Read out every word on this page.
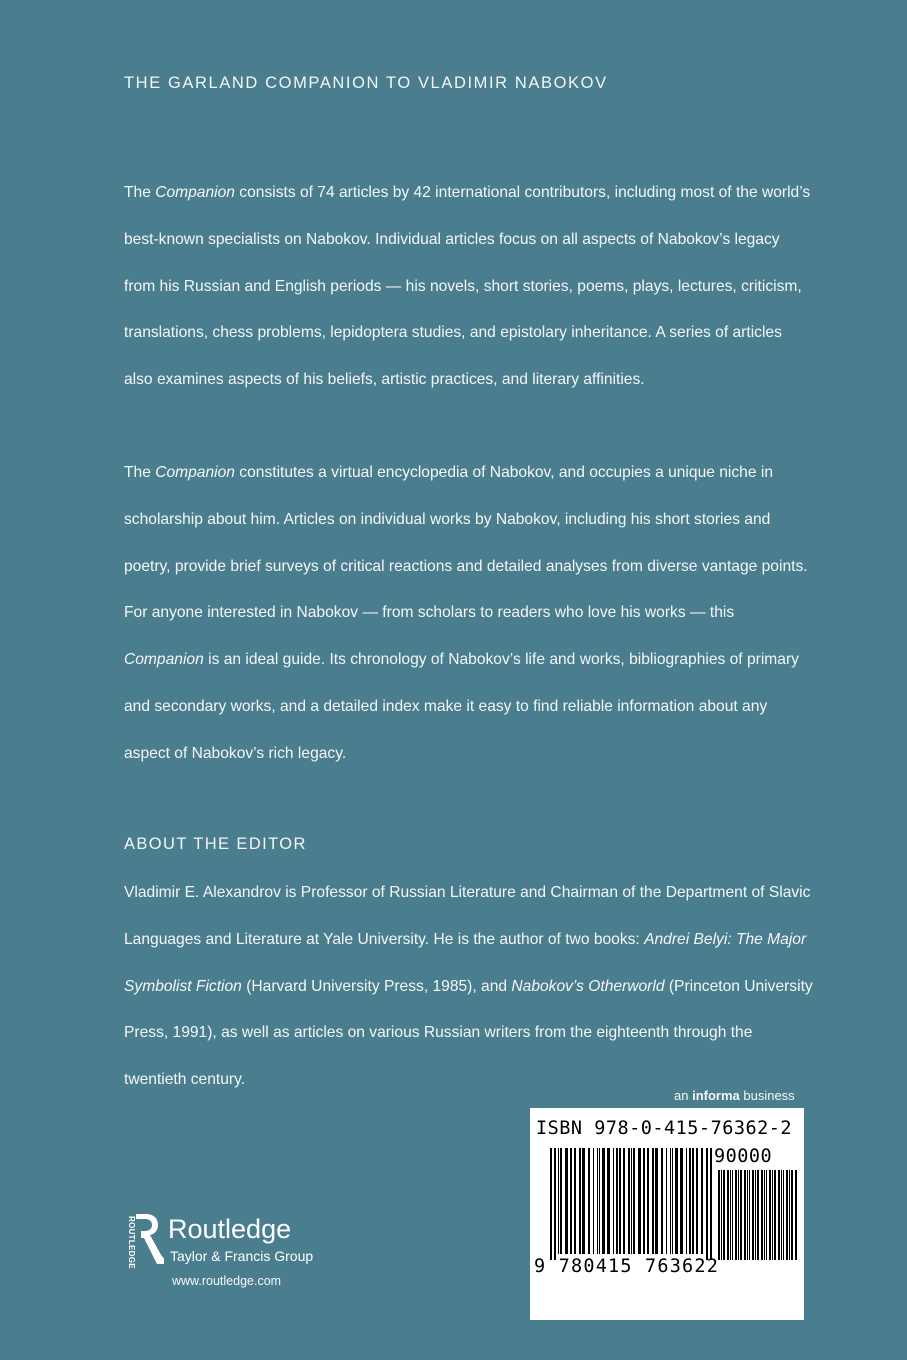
THE GARLAND COMPANION TO VLADIMIR NABOKOV

The Companion consists of 74 articles by 42 international contributors, including most of the world’s best-known specialists on Nabokov. Individual articles focus on all aspects of Nabokov’s legacy from his Russian and English periods — his novels, short stories, poems, plays, lectures, criticism, translations, chess problems, lepidoptera studies, and epistolary inheritance. A series of articles also examines aspects of his beliefs, artistic practices, and literary affinities.

The Companion constitutes a virtual encyclopedia of Nabokov, and occupies a unique niche in scholarship about him. Articles on individual works by Nabokov, including his short stories and poetry, provide brief surveys of critical reactions and detailed analyses from diverse vantage points. For anyone interested in Nabokov — from scholars to readers who love his works — this Companion is an ideal guide. Its chronology of Nabokov’s life and works, bibliographies of primary and secondary works, and a detailed index make it easy to find reliable information about any aspect of Nabokov’s rich legacy.

ABOUT THE EDITOR

Vladimir E. Alexandrov is Professor of Russian Literature and Chairman of the Department of Slavic Languages and Literature at Yale University. He is the author of two books: Andrei Belyi: The Major Symbolist Fiction (Harvard University Press, 1985), and Nabokov’s Otherworld (Princeton University Press, 1991), as well as articles on various Russian writers from the eighteenth through the twentieth century.

an informa business
ISBN 978-0-415-76362-2
90000
9 780415 763622
ROUTLEDGE Routledge
Taylor & Francis Group
www.routledge.com
